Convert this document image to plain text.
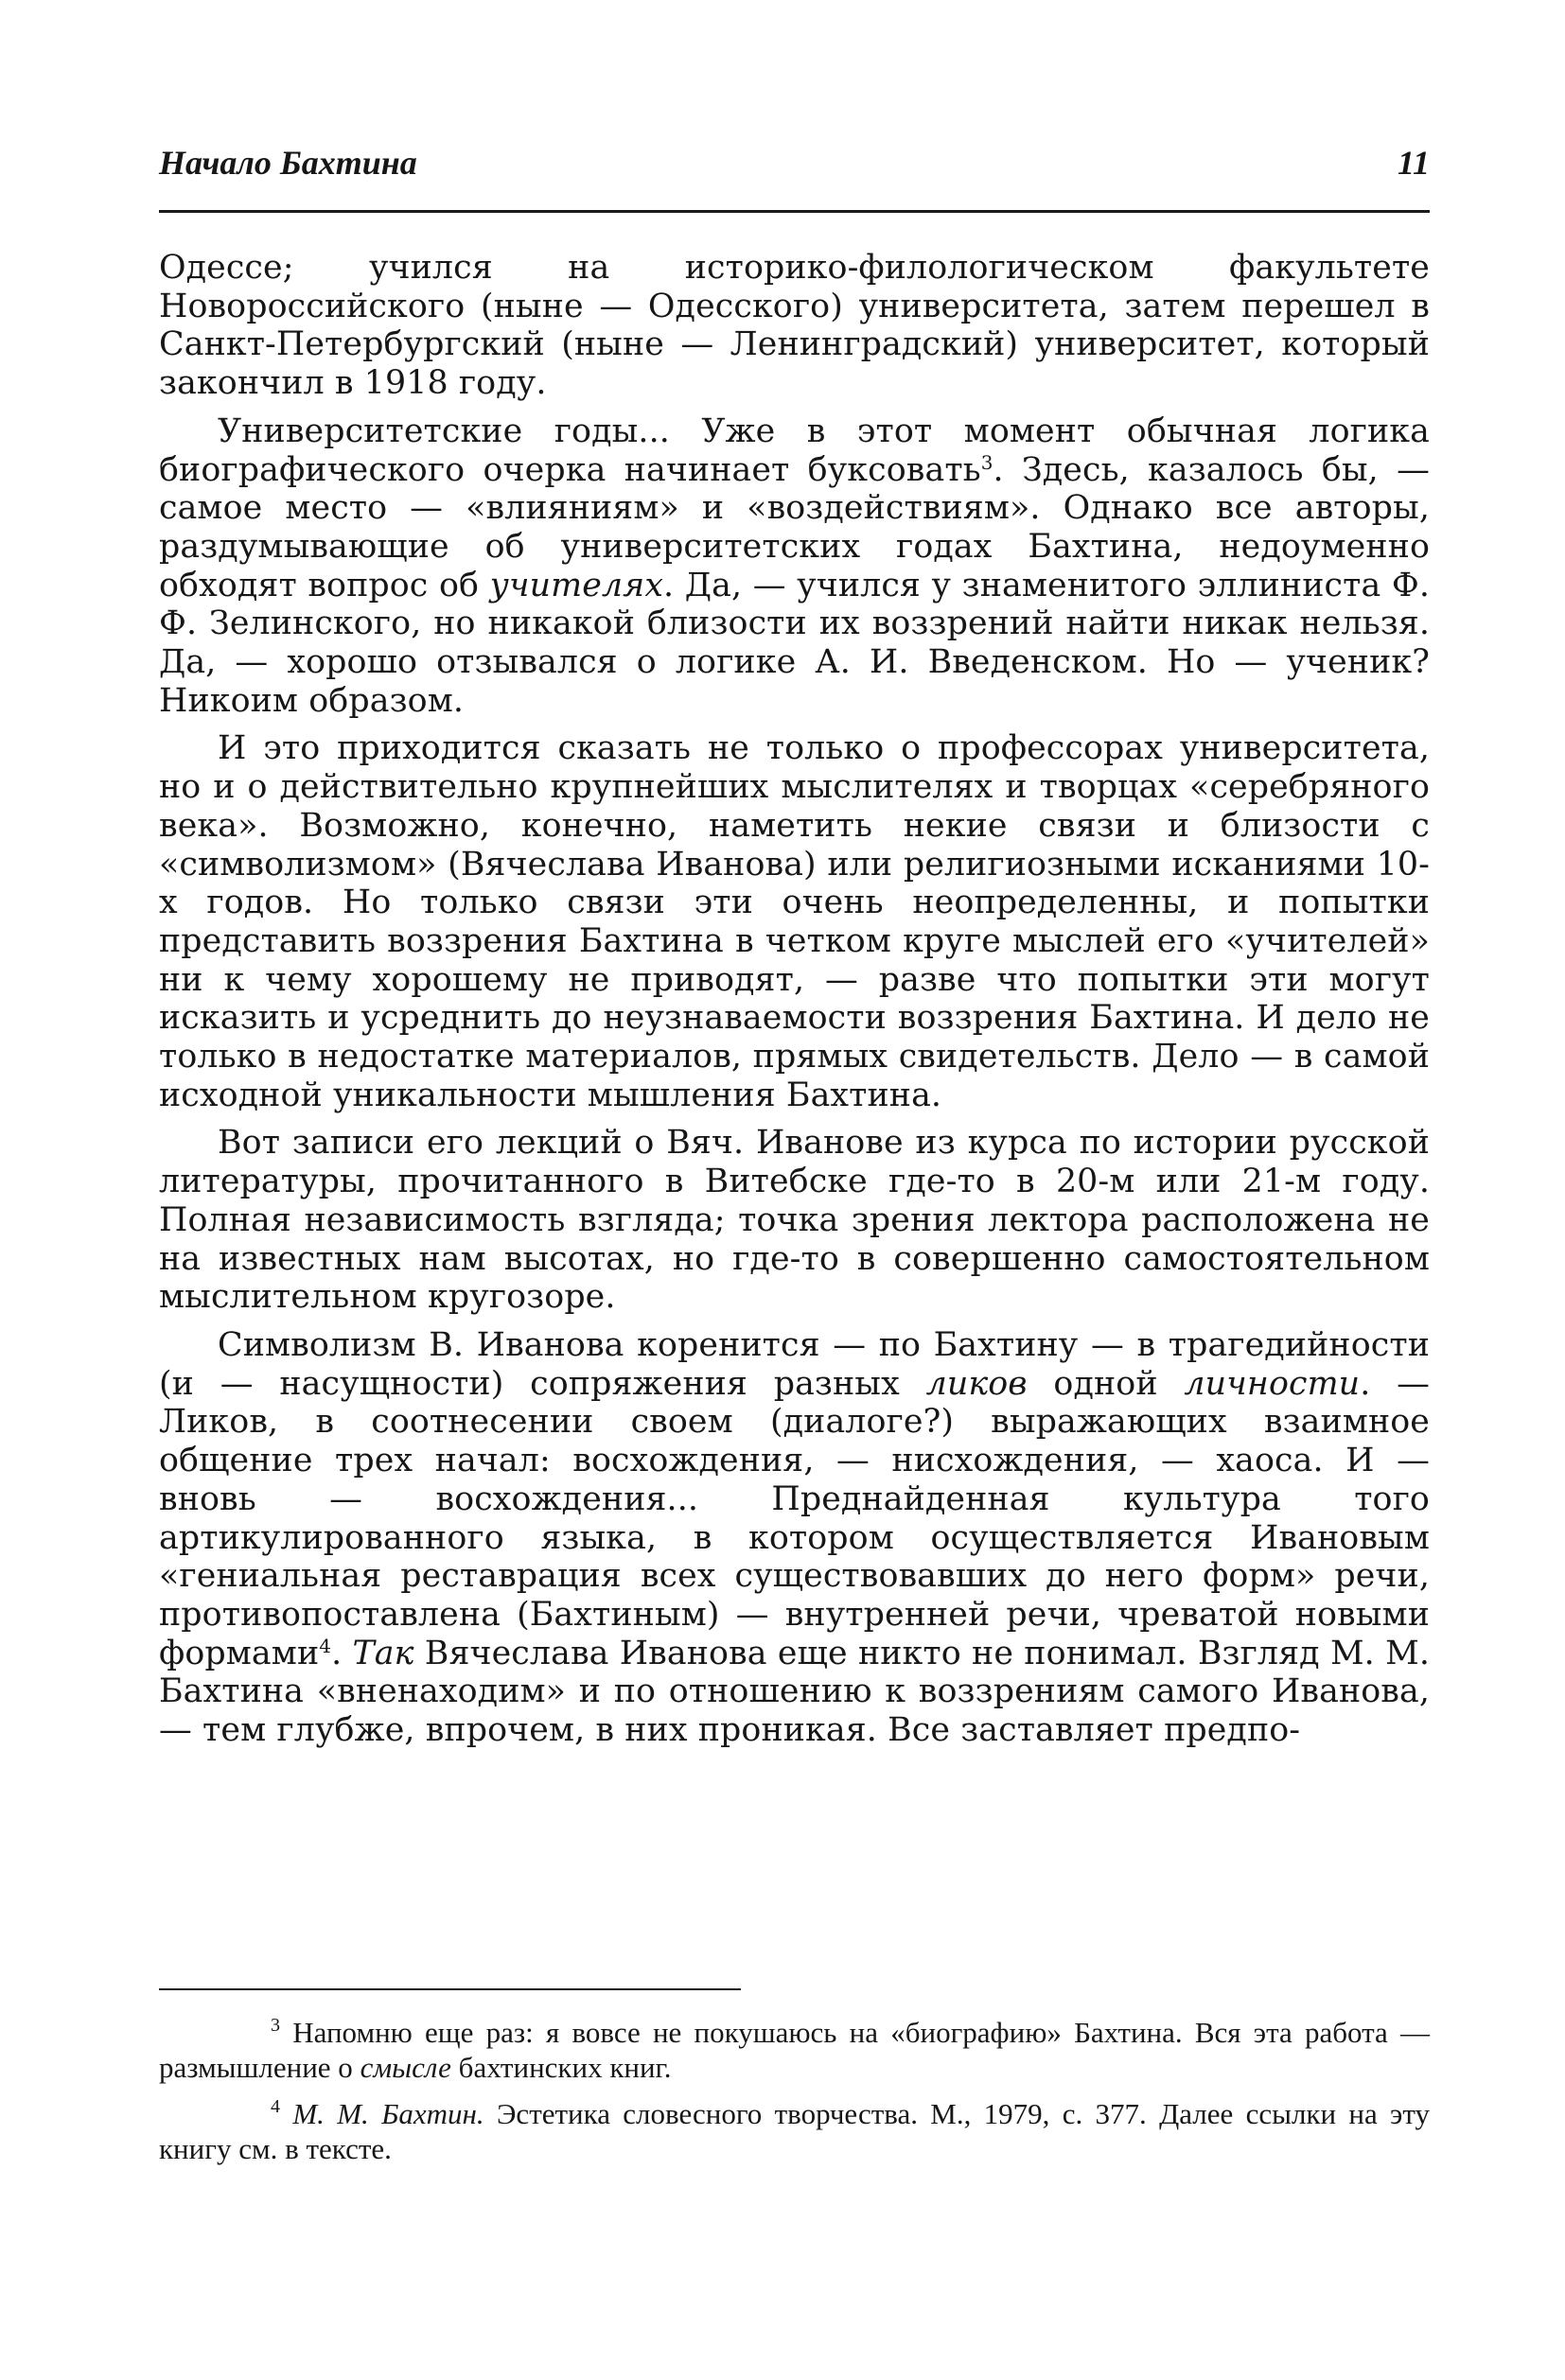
Начало Бахтина	11

Одессе; учился на историко-филологическом факультете Новороссийского (ныне — Одесского) университета, затем перешел в Санкт-Петербургский (ныне — Ленинградский) университет, который закончил в 1918 году.

Университетские годы... Уже в этот момент обычная логика биографического очерка начинает буксовать$^3$. Здесь, казалось бы, — самое место — «влияниям» и «воздействиям». Однако все авторы, раздумывающие об университетских годах Бахтина, недоуменно обходят вопрос об учителях. Да, — учился у знаменитого эллиниста Ф. Ф. Зелинского, но никакой близости их воззрений найти никак нельзя. Да, — хорошо отзывался о логике А. И. Введенском. Но — ученик? Никоим образом.

И это приходится сказать не только о профессорах университета, но и о действительно крупнейших мыслителях и творцах «серебряного века». Возможно, конечно, наметить некие связи и близости с «символизмом» (Вячеслава Иванова) или религиозными исканиями 10-х годов. Но только связи эти очень неопределенны, и попытки представить воззрения Бахтина в четком круге мыслей его «учителей» ни к чему хорошему не приводят, — разве что попытки эти могут исказить и усреднить до неузнаваемости воззрения Бахтина. И дело не только в недостатке материалов, прямых свидетельств. Дело — в самой исходной уникальности мышления Бахтина.

Вот записи его лекций о Вяч. Иванове из курса по истории русской литературы, прочитанного в Витебске где-то в 20-м или 21-м году. Полная независимость взгляда; точка зрения лектора расположена не на известных нам высотах, но где-то в совершенно самостоятельном мыслительном кругозоре.

Символизм В. Иванова коренится — по Бахтину — в трагедийности (и — насущности) сопряжения разных ликов одной личности. — Ликов, в соотнесении своем (диалоге?) выражающих взаимное общение трех начал: восхождения, — нисхождения, — хаоса. И — вновь — восхождения... Преднайденная культура того артикулированного языка, в котором осуществляется Ивановым «гениальная реставрация всех существовавших до него форм» речи, противопоставлена (Бахтиным) — внутренней речи, чреватой новыми формами$^4$. Так Вячеслава Иванова еще никто не понимал. Взгляд М. М. Бахтина «вненаходим» и по отношению к воззрениям самого Иванова, — тем глубже, впрочем, в них проникая. Все заставляет предпо-

$^3$ Напомню еще раз: я вовсе не покушаюсь на «биографию» Бахтина. Вся эта работа — размышление о смысле бахтинских книг.

$^4$ М. М. Бахтин. Эстетика словесного творчества. М., 1979, с. 377. Далее ссылки на эту книгу см. в тексте.
